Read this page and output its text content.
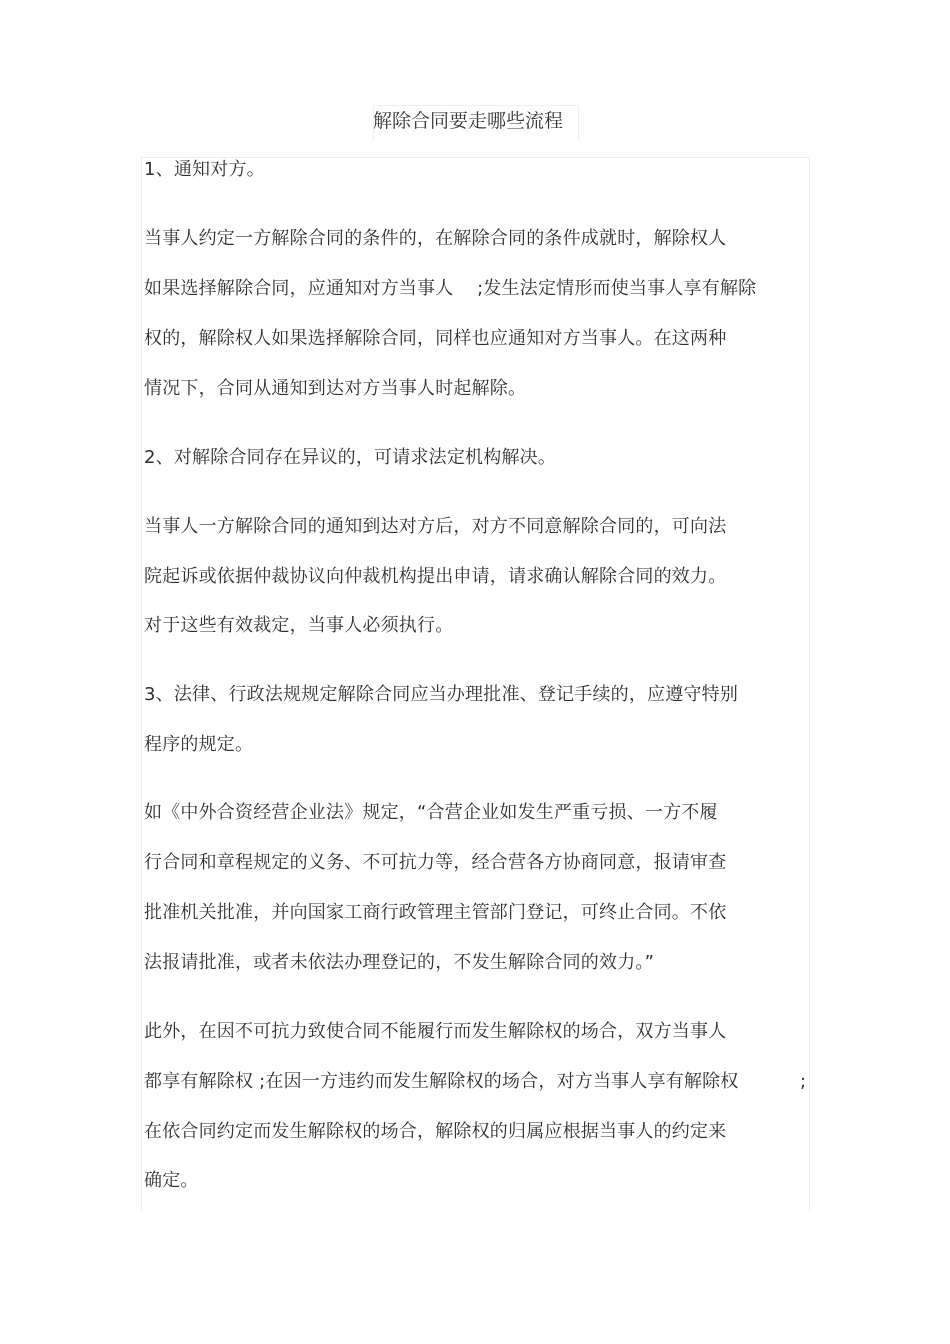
解除合同要走哪些流程
1、通知对方。
当事人约定一方解除合同的条件的，在解除合同的条件成就时，解除权人
如果选择解除合同，应通知对方当事人    ;发生法定情形而使当事人享有解除
权的，解除权人如果选择解除合同，同样也应通知对方当事人。在这两种
情况下，合同从通知到达对方当事人时起解除。
2、对解除合同存在异议的，可请求法定机构解决。
当事人一方解除合同的通知到达对方后，对方不同意解除合同的，可向法
院起诉或依据仲裁协议向仲裁机构提出申请，请求确认解除合同的效力。
对于这些有效裁定，当事人必须执行。
3、法律、行政法规规定解除合同应当办理批准、登记手续的，应遵守特别
程序的规定。
如《中外合资经营企业法》规定，“合营企业如发生严重亏损、一方不履
行合同和章程规定的义务、不可抗力等，经合营各方协商同意，报请审查
批准机关批准，并向国家工商行政管理主管部门登记，可终止合同。不依
法报请批准，或者未依法办理登记的，不发生解除合同的效力。”
此外，在因不可抗力致使合同不能履行而发生解除权的场合，双方当事人
都享有解除权 ;在因一方违约而发生解除权的场合，对方当事人享有解除权	;
在依合同约定而发生解除权的场合，解除权的归属应根据当事人的约定来
确定。
